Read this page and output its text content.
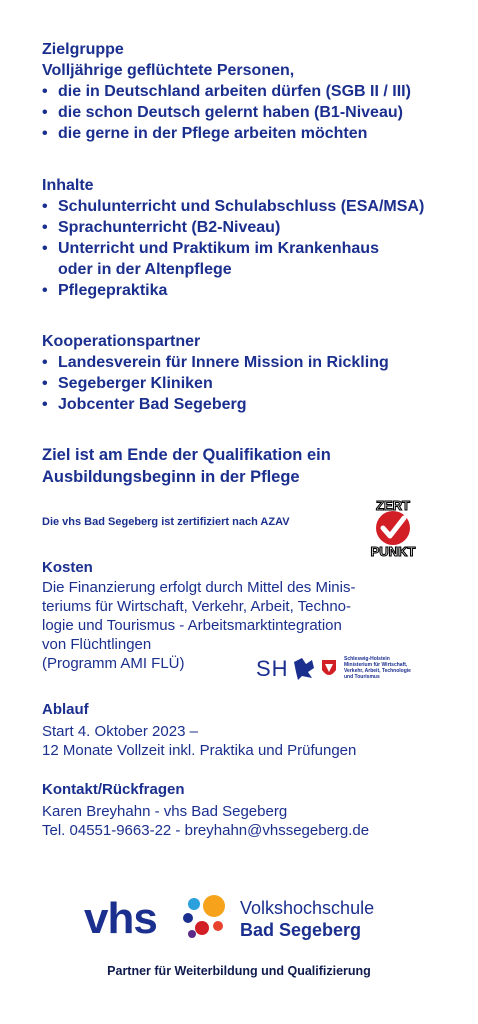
Zielgruppe
Volljährige geflüchtete Personen,
• die in Deutschland arbeiten dürfen (SGB II / III)
• die schon Deutsch gelernt haben (B1-Niveau)
• die gerne in der Pflege arbeiten möchten
Inhalte
• Schulunterricht und Schulabschluss (ESA/MSA)
• Sprachunterricht (B2-Niveau)
• Unterricht und Praktikum im Krankenhaus
oder in der Altenpflege
• Pflegepraktika
Kooperationspartner
• Landesverein für Innere Mission in Rickling
• Segeberger Kliniken
• Jobcenter Bad Segeberg
Ziel ist am Ende der Qualifikation ein
Ausbildungsbeginn in der Pflege
Die vhs Bad Segeberg ist zertifiziert nach AZAV
ZERT
PUNKT
Kosten
Die Finanzierung erfolgt durch Mittel des Minis-
teriums für Wirtschaft, Verkehr, Arbeit, Techno-
logie und Tourismus - Arbeitsmarktintegration
von Flüchtlingen
(Programm AMI FLÜ)	SH	Schleswig-Holstein
Ministerium für Wirtschaft,
Verkehr, Arbeit, Technologie
und Tourismus
Ablauf
Start 4. Oktober 2023 –
12 Monate Vollzeit inkl. Praktika und Prüfungen
Kontakt/Rückfragen
Karen Breyhahn - vhs Bad Segeberg
Tel. 04551-9663-22 - breyhahn@vhssegeberg.de
vhs	Volkshochschule
Bad Segeberg
Partner für Weiterbildung und Qualifizierung
